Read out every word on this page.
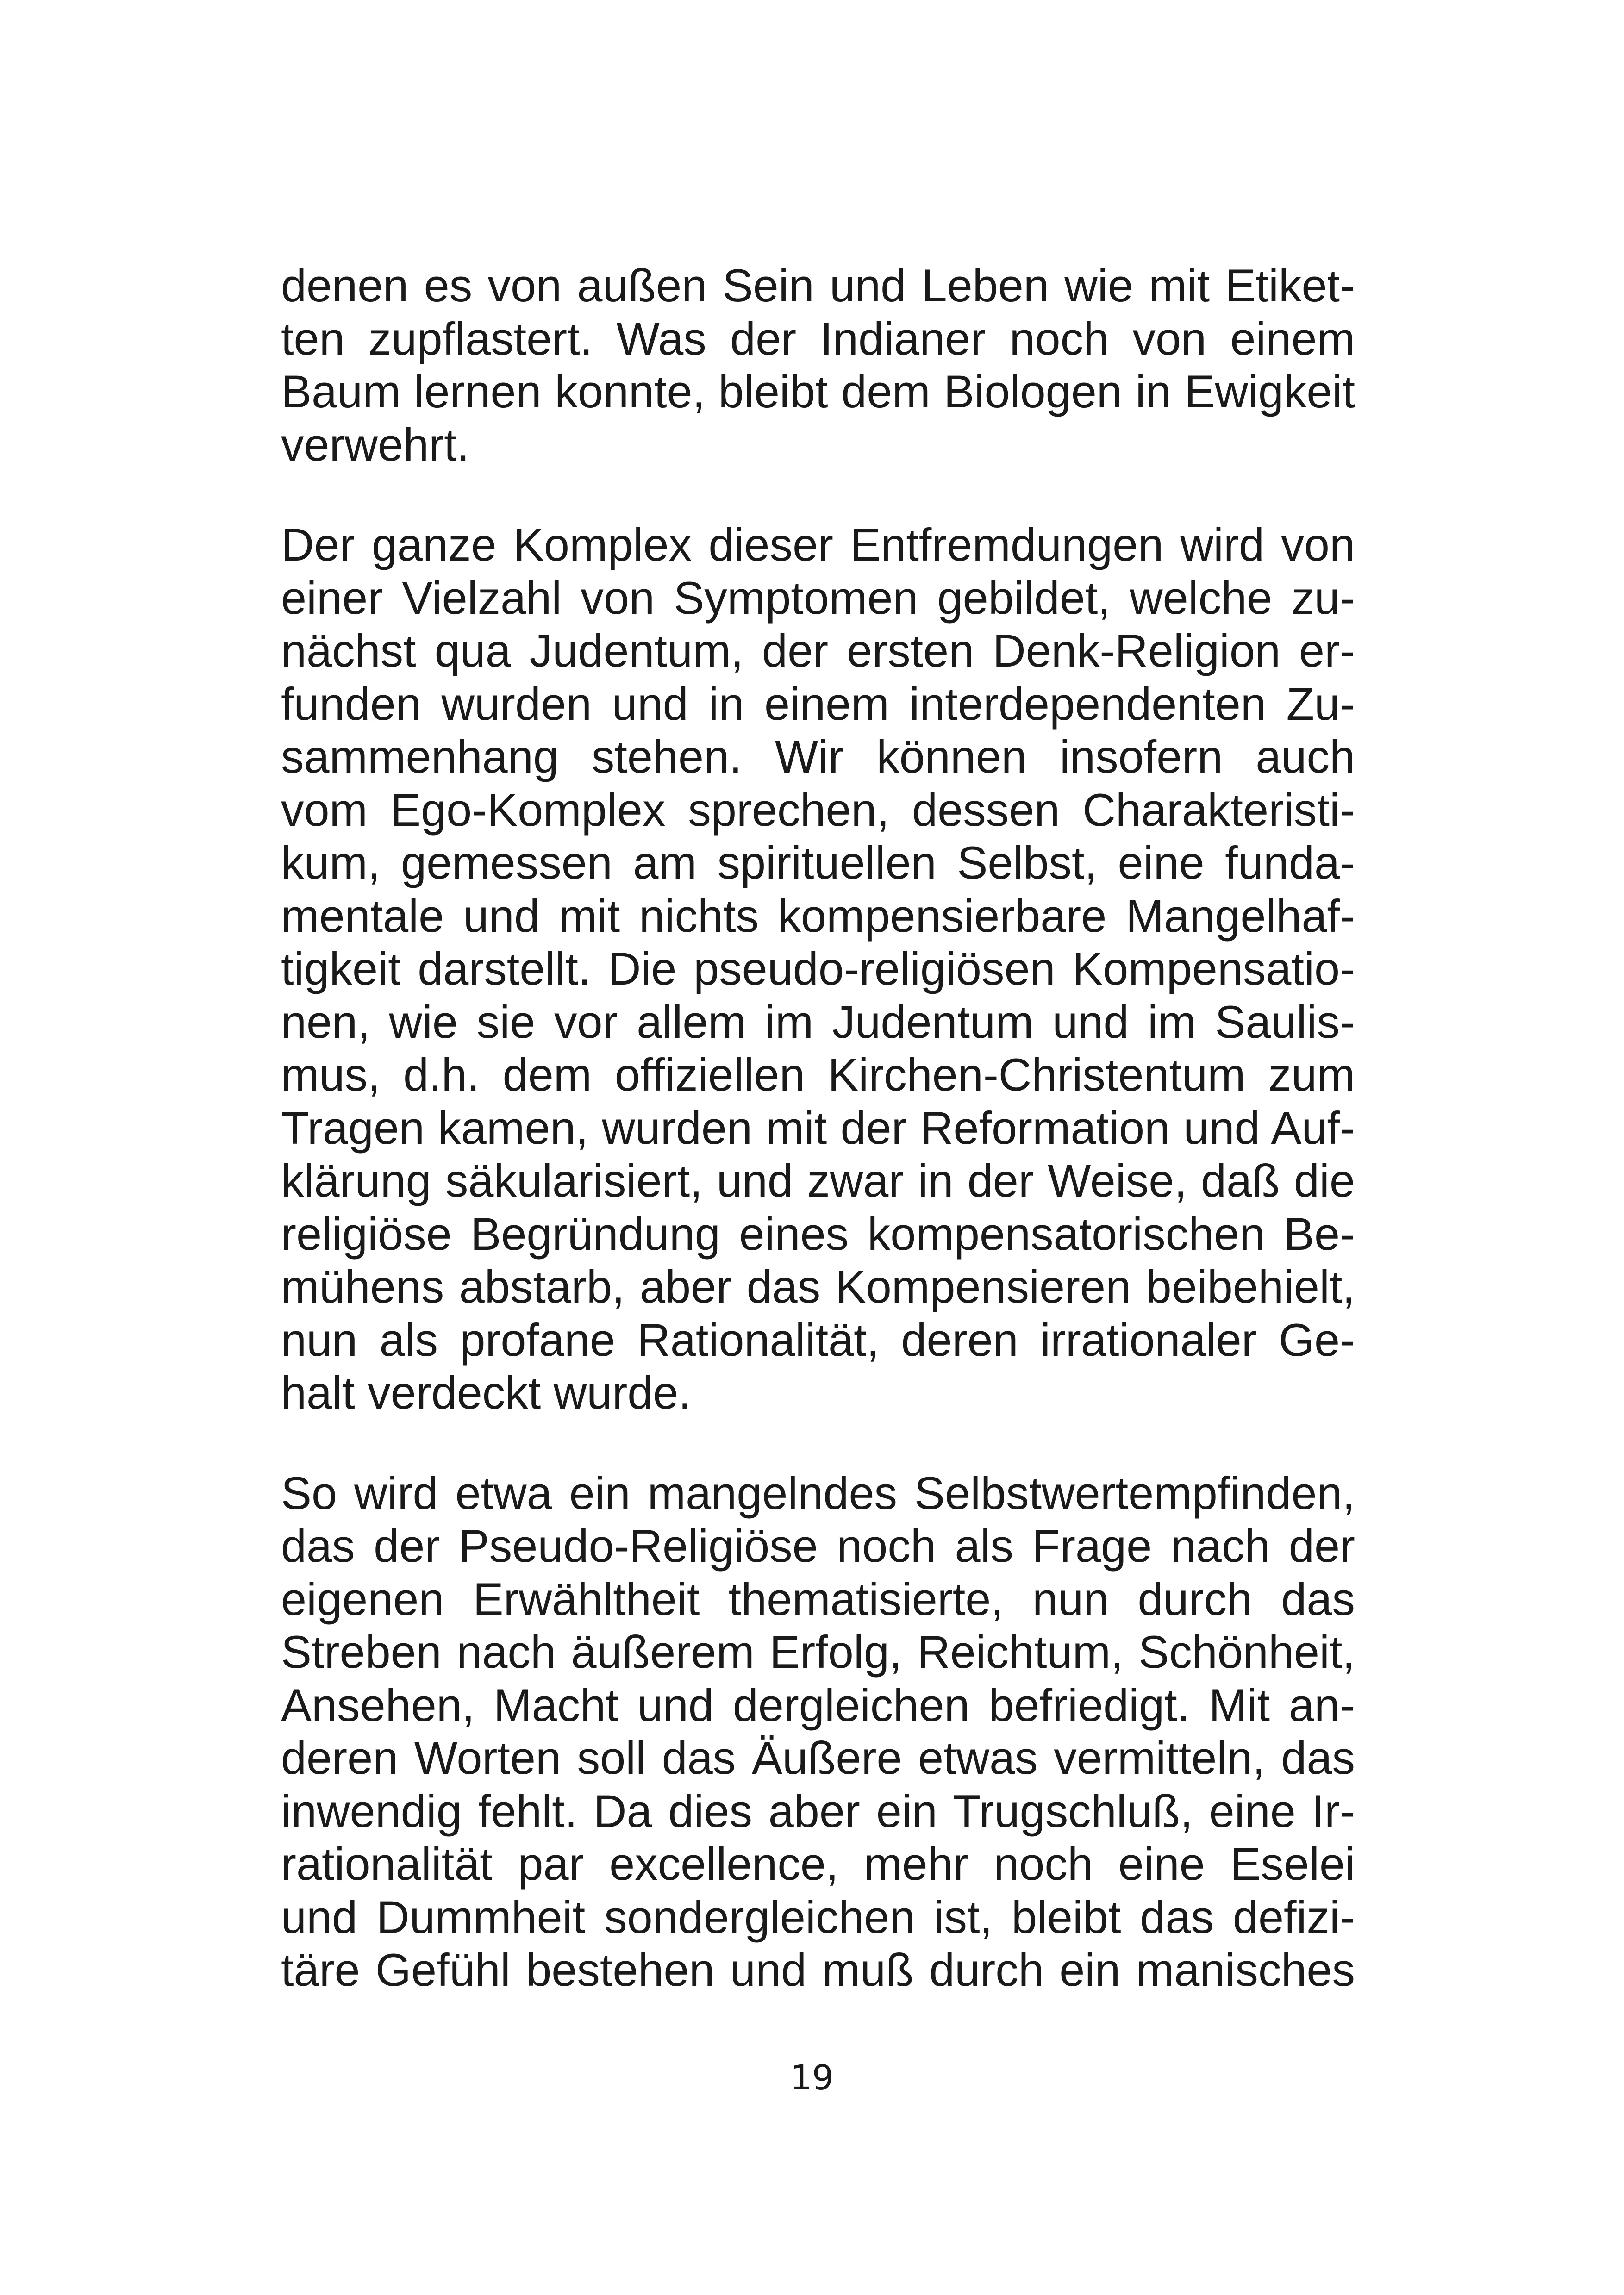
denen es von außen Sein und Leben wie mit Etiket-
ten zupflastert. Was der Indianer noch von einem
Baum lernen konnte, bleibt dem Biologen in Ewigkeit
verwehrt.

Der ganze Komplex dieser Entfremdungen wird von
einer Vielzahl von Symptomen gebildet, welche zu-
nächst qua Judentum, der ersten Denk-Religion er-
funden wurden und in einem interdependenten Zu-
sammenhang stehen. Wir können insofern auch
vom Ego-Komplex sprechen, dessen Charakteristi-
kum, gemessen am spirituellen Selbst, eine funda-
mentale und mit nichts kompensierbare Mangelhaf-
tigkeit darstellt. Die pseudo-religiösen Kompensatio-
nen, wie sie vor allem im Judentum und im Saulis-
mus, d.h. dem offiziellen Kirchen-Christentum zum
Tragen kamen, wurden mit der Reformation und Auf-
klärung säkularisiert, und zwar in der Weise, daß die
religiöse Begründung eines kompensatorischen Be-
mühens abstarb, aber das Kompensieren beibehielt,
nun als profane Rationalität, deren irrationaler Ge-
halt verdeckt wurde.

So wird etwa ein mangelndes Selbstwertempfinden,
das der Pseudo-Religiöse noch als Frage nach der
eigenen Erwähltheit thematisierte, nun durch das
Streben nach äußerem Erfolg, Reichtum, Schönheit,
Ansehen, Macht und dergleichen befriedigt. Mit an-
deren Worten soll das Äußere etwas vermitteln, das
inwendig fehlt. Da dies aber ein Trugschluß, eine Ir-
rationalität par excellence, mehr noch eine Eselei
und Dummheit sondergleichen ist, bleibt das defizi-
täre Gefühl bestehen und muß durch ein manisches

19
